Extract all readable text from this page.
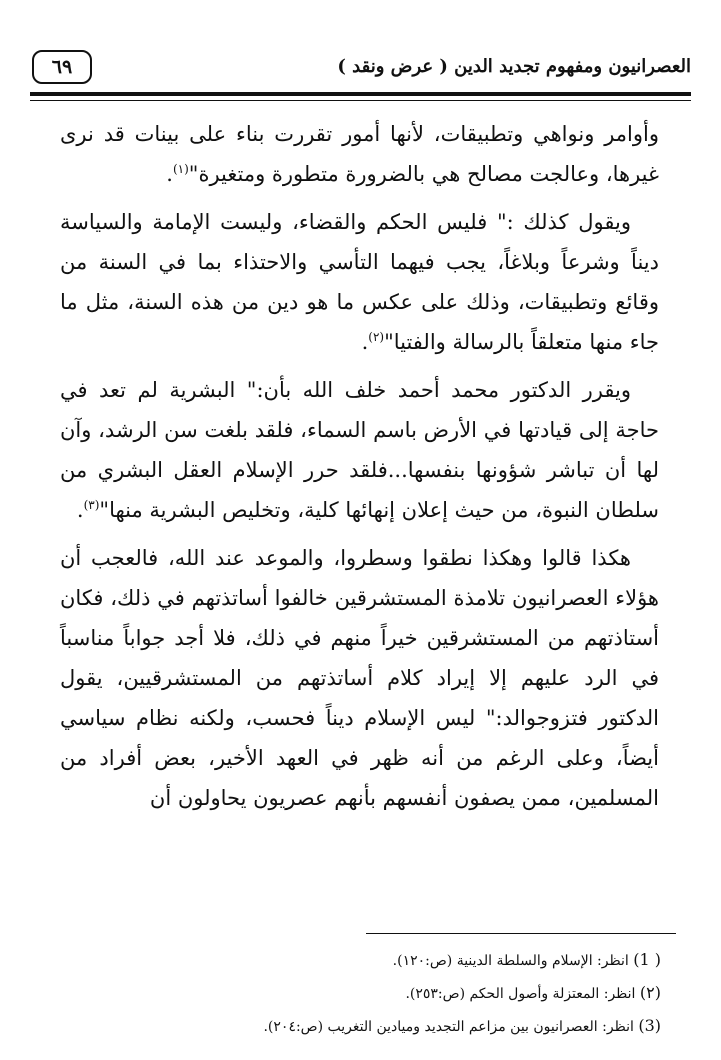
٦٩	العصرانيون ومفهوم تجديد الدين ( عرض ونقد )

وأوامر ونواهي وتطبيقات، لأنها أمور تقررت بناء على بينات قد نرى غيرها، وعالجت مصالح هي بالضرورة متطورة ومتغيرة"$^{(١)}$.

ويقول كذلك :" فليس الحكم والقضاء، وليست الإمامة والسياسة ديناً وشرعاً وبلاغاً، يجب فيهما التأسي والاحتذاء بما في السنة من وقائع وتطبيقات، وذلك على عكس ما هو دين من هذه السنة، مثل ما جاء منها متعلقاً بالرسالة والفتيا"$^{(٢)}$.

ويقرر الدكتور محمد أحمد خلف الله بأن:" البشرية لم تعد في حاجة إلى قيادتها في الأرض باسم السماء، فلقد بلغت سن الرشد، وآن لها أن تباشر شؤونها بنفسها...فلقد حرر الإسلام العقل البشري من سلطان النبوة، من حيث إعلان إنهائها كلية، وتخليص البشرية منها"$^{(٣)}$.

هكذا قالوا وهكذا نطقوا وسطروا، والموعد عند الله، فالعجب أن هؤلاء العصرانيون تلامذة المستشرقين خالفوا أساتذتهم في ذلك، فكان أستاذتهم من المستشرقين خيراً منهم في ذلك، فلا أجد جواباً مناسباً في الرد عليهم إلا إيراد كلام أساتذتهم من المستشرقيين، يقول الدكتور فتزوجوالد:" ليس الإسلام ديناً فحسب، ولكنه نظام سياسي أيضاً، وعلى الرغم من أنه ظهر في العهد الأخير، بعض أفراد من المسلمين، ممن يصفون أنفسهم بأنهم عصريون يحاولون أن

( 1) انظر: الإسلام والسلطة الدينية (ص:١٢٠).
(٢) انظر: المعتزلة وأصول الحكم (ص:٢٥٣).
(3) انظر: العصرانيون بين مزاعم التجديد وميادين التغريب (ص:٢٠٤).
